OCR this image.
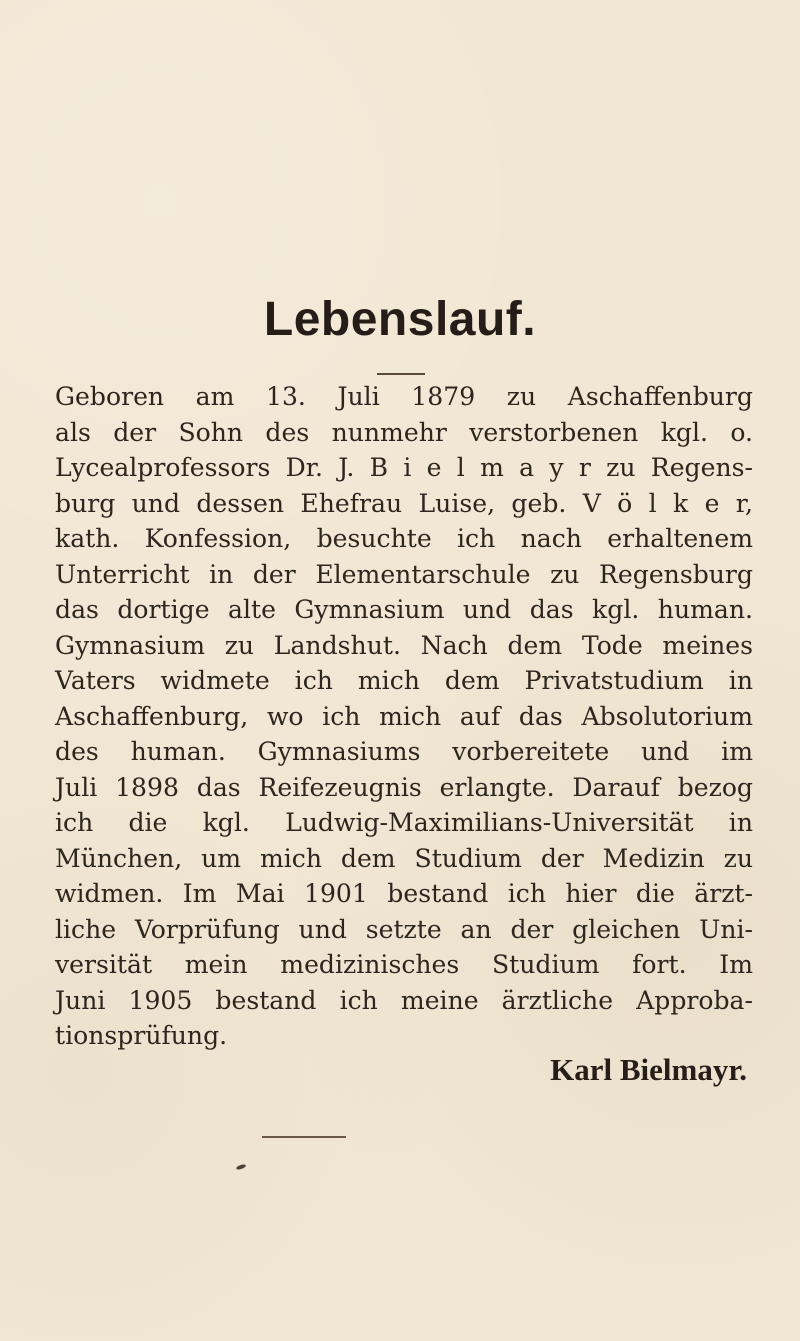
Lebenslauf.
Geboren am 13. Juli 1879 zu Aschaffenburg
als der Sohn des nunmehr verstorbenen kgl. o.
Lycealprofessors Dr. J. B i e l m a y r zu Regens-
burg und dessen Ehefrau Luise, geb. V ö l k e r,
kath. Konfession, besuchte ich nach erhaltenem
Unterricht in der Elementarschule zu Regensburg
das dortige alte Gymnasium und das kgl. human.
Gymnasium zu Landshut. Nach dem Tode meines
Vaters widmete ich mich dem Privatstudium in
Aschaffenburg, wo ich mich auf das Absolutorium
des human. Gymnasiums vorbereitete und im
Juli 1898 das Reifezeugnis erlangte. Darauf bezog
ich die kgl. Ludwig-Maximilians-Universität in
München, um mich dem Studium der Medizin zu
widmen. Im Mai 1901 bestand ich hier die ärzt-
liche Vorprüfung und setzte an der gleichen Uni-
versität mein medizinisches Studium fort. Im
Juni 1905 bestand ich meine ärztliche Approba-
tionsprüfung.
Karl Bielmayr.
